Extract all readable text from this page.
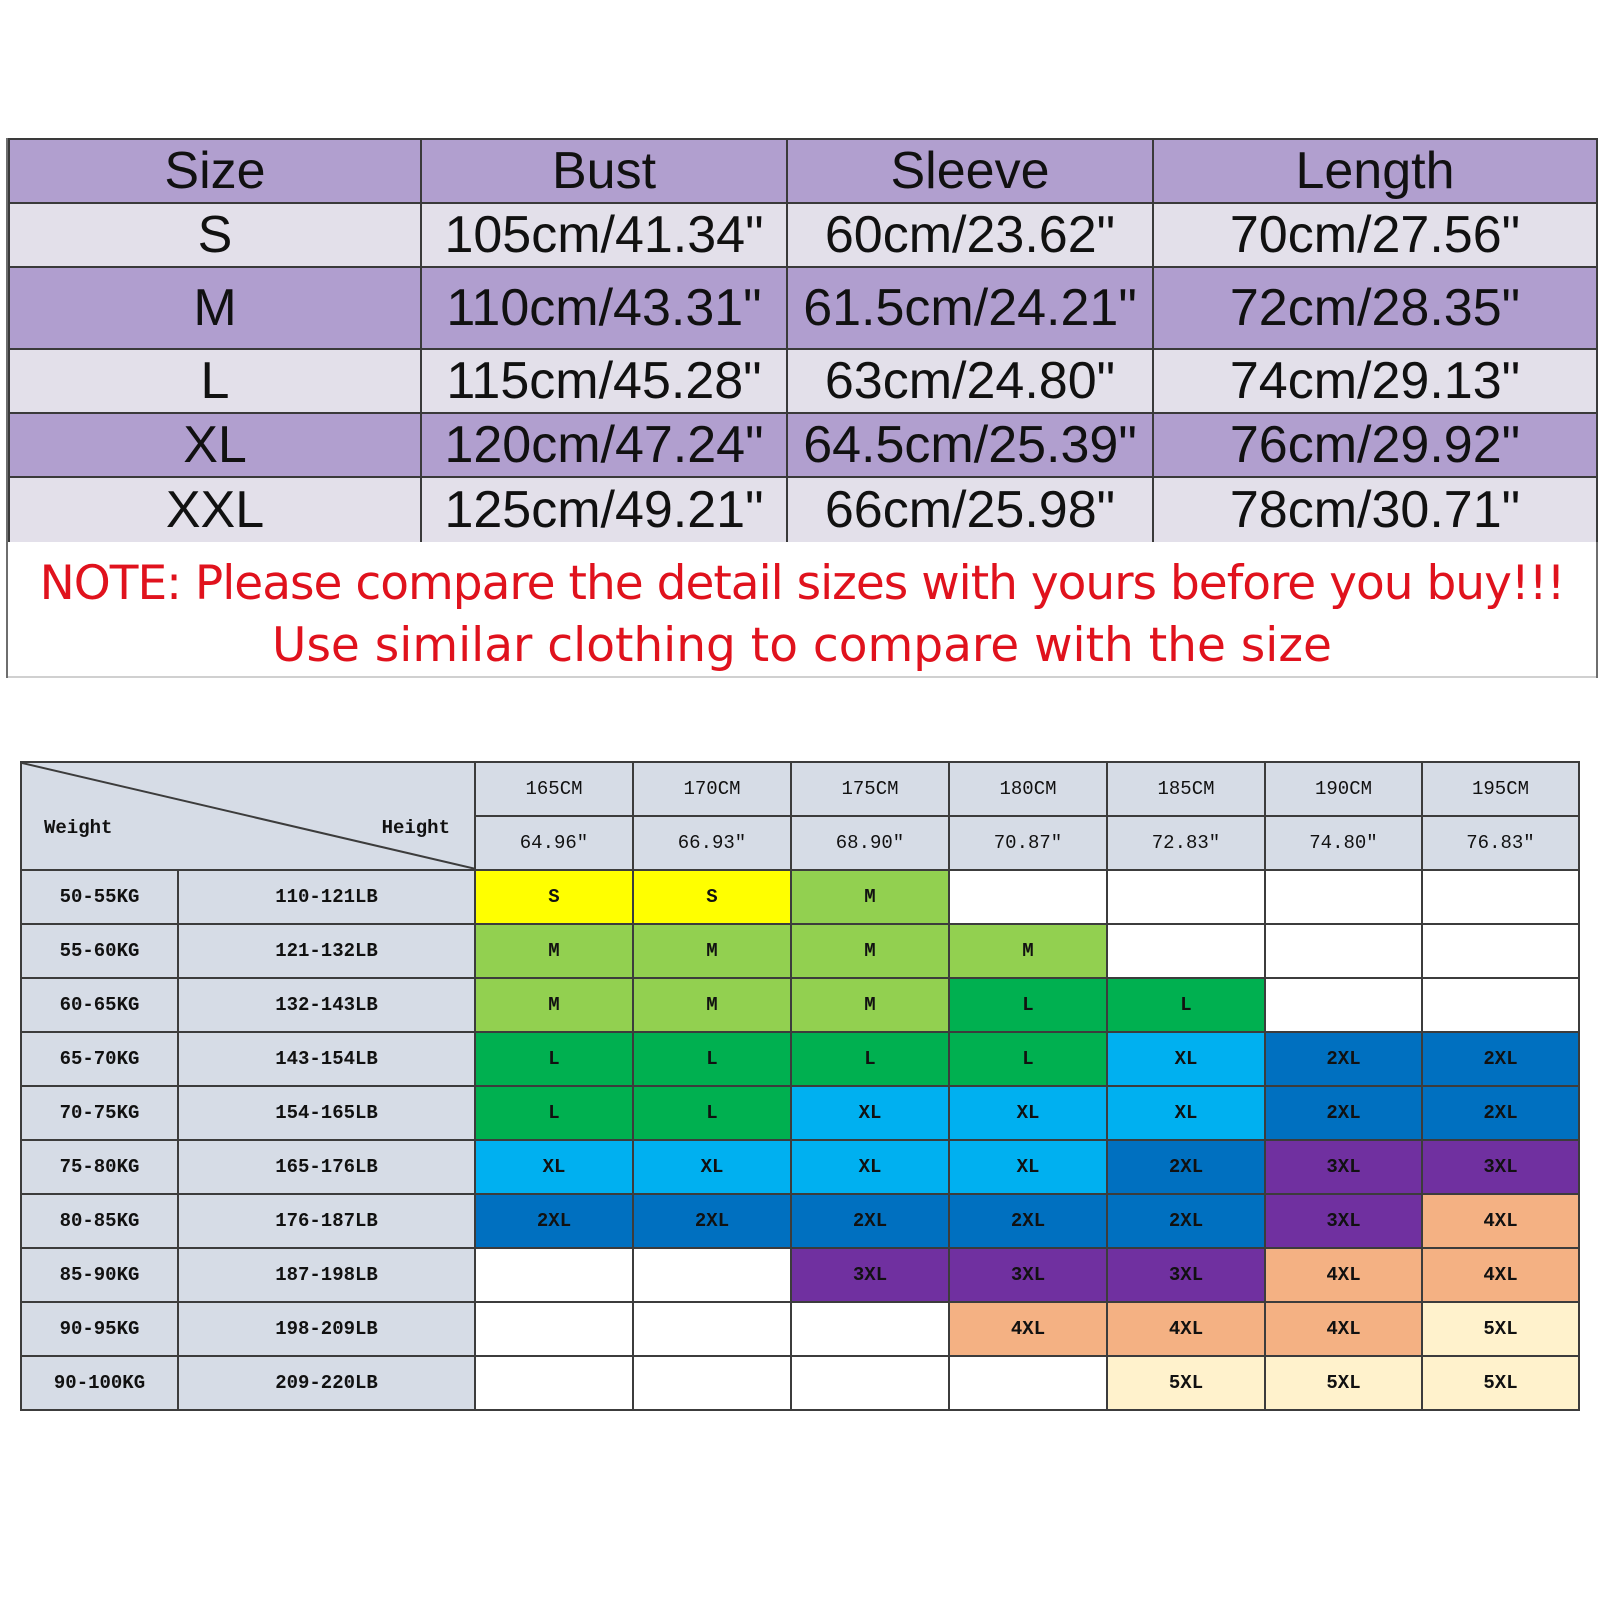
Size	Bust	Sleeve	Length
S	105cm/41.34"	60cm/23.62"	70cm/27.56"
M	110cm/43.31"	61.5cm/24.21"	72cm/28.35"
L	115cm/45.28"	63cm/24.80"	74cm/29.13"
XL	120cm/47.24"	64.5cm/25.39"	76cm/29.92"
XXL	125cm/49.21"	66cm/25.98"	78cm/30.71"
NOTE: Please compare the detail sizes with yours before you buy!!!
Use similar clothing to compare with the size
Weight Height		165CM	170CM	175CM	180CM	185CM	190CM	195CM
		64.96″	66.93″	68.90″	70.87″	72.83″	74.80″	76.83″
50-55KG	110-121LB	S	S	M				
55-60KG	121-132LB	M	M	M	M			
60-65KG	132-143LB	M	M	M	L	L		
65-70KG	143-154LB	L	L	L	L	XL	2XL	2XL
70-75KG	154-165LB	L	L	XL	XL	XL	2XL	2XL
75-80KG	165-176LB	XL	XL	XL	XL	2XL	3XL	3XL
80-85KG	176-187LB	2XL	2XL	2XL	2XL	2XL	3XL	4XL
85-90KG	187-198LB			3XL	3XL	3XL	4XL	4XL
90-95KG	198-209LB				4XL	4XL	4XL	5XL
90-100KG	209-220LB					5XL	5XL	5XL
